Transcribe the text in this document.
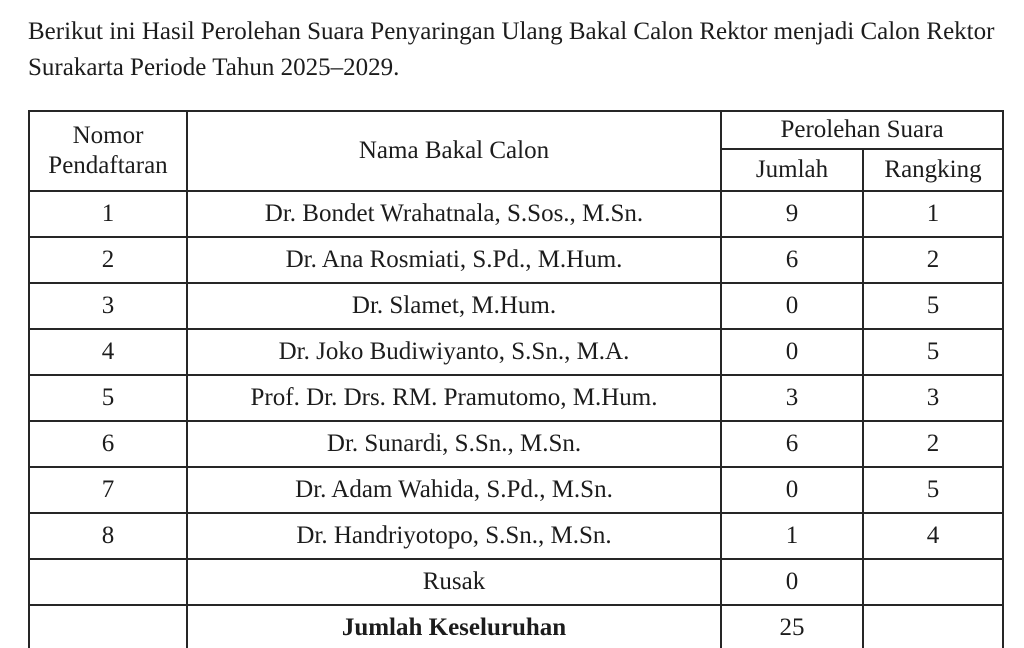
Berikut ini Hasil Perolehan Suara Penyaringan Ulang Bakal Calon Rektor menjadi Calon Rektor
Surakarta Periode Tahun 2025–2029.
Nomor
Pendaftaran	Nama Bakal Calon	Perolehan Suara	
		Jumlah	Rangking
1	Dr. Bondet Wrahatnala, S.Sos., M.Sn.	9	1
2	Dr. Ana Rosmiati, S.Pd., M.Hum.	6	2
3	Dr. Slamet, M.Hum.	0	5
4	Dr. Joko Budiwiyanto, S.Sn., M.A.	0	5
5	Prof. Dr. Drs. RM. Pramutomo, M.Hum.	3	3
6	Dr. Sunardi, S.Sn., M.Sn.	6	2
7	Dr. Adam Wahida, S.Pd., M.Sn.	0	5
8	Dr. Handriyotopo, S.Sn., M.Sn.	1	4
	Rusak	0	
	Jumlah Keseluruhan	25	
